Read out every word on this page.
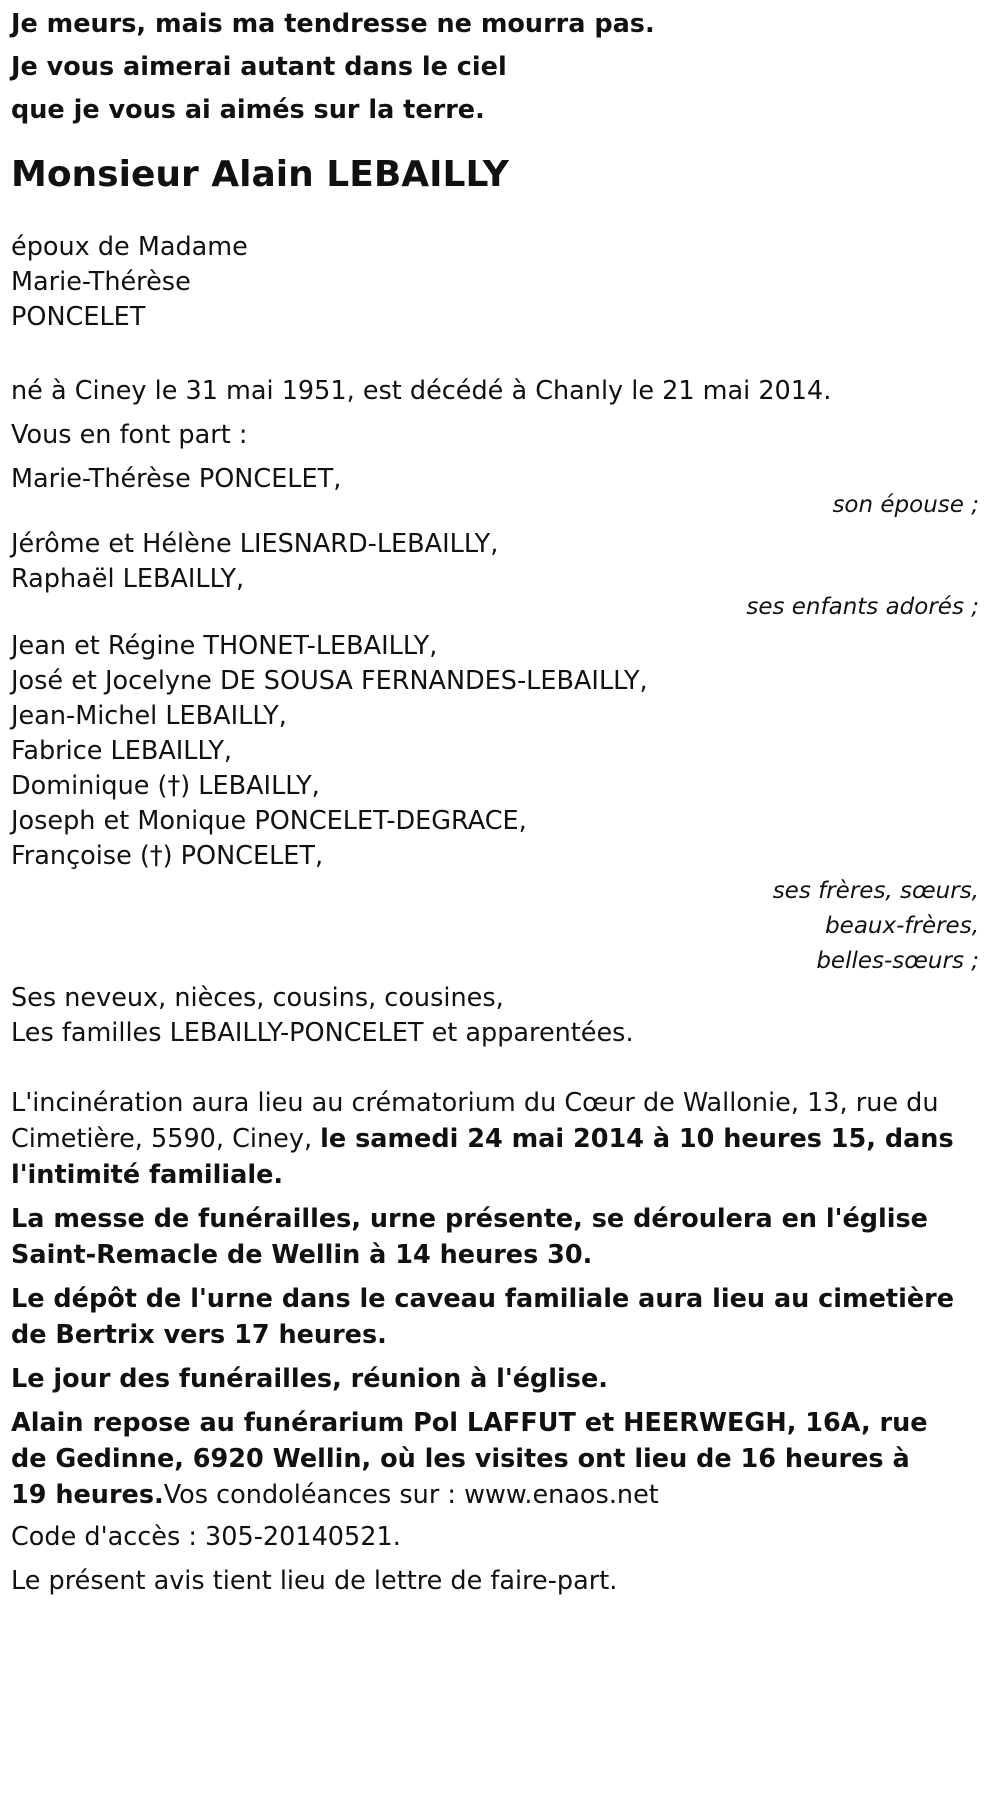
Je meurs, mais ma tendresse ne mourra pas.
Je vous aimerai autant dans le ciel
que je vous ai aimés sur la terre.
Monsieur Alain LEBAILLY
époux de Madame
Marie-Thérèse
PONCELET
né à Ciney le 31 mai 1951, est décédé à Chanly le 21 mai 2014.
Vous en font part :
Marie-Thérèse PONCELET,
son épouse ;
Jérôme et Hélène LIESNARD-LEBAILLY,
Raphaël LEBAILLY,
ses enfants adorés ;
Jean et Régine THONET-LEBAILLY,
José et Jocelyne DE SOUSA FERNANDES-LEBAILLY,
Jean-Michel LEBAILLY,
Fabrice LEBAILLY,
Dominique (†) LEBAILLY,
Joseph et Monique PONCELET-DEGRACE,
Françoise (†) PONCELET,
ses frères, sœurs,
beaux-frères,
belles-sœurs ;
Ses neveux, nièces, cousins, cousines,
Les familles LEBAILLY-PONCELET et apparentées.
L'incinération aura lieu au crématorium du Cœur de Wallonie, 13, rue du Cimetière, 5590, Ciney, le samedi 24 mai 2014 à 10 heures 15, dans l'intimité familiale.
La messe de funérailles, urne présente, se déroulera en l'église Saint-Remacle de Wellin à 14 heures 30.
Le dépôt de l'urne dans le caveau familiale aura lieu au cimetière de Bertrix vers 17 heures.
Le jour des funérailles, réunion à l'église.
Alain repose au funérarium Pol LAFFUT et HEERWEGH, 16A, rue de Gedinne, 6920 Wellin, où les visites ont lieu de 16 heures à 19 heures.Vos condoléances sur : www.enaos.net
Code d'accès : 305-20140521.
Le présent avis tient lieu de lettre de faire-part.
